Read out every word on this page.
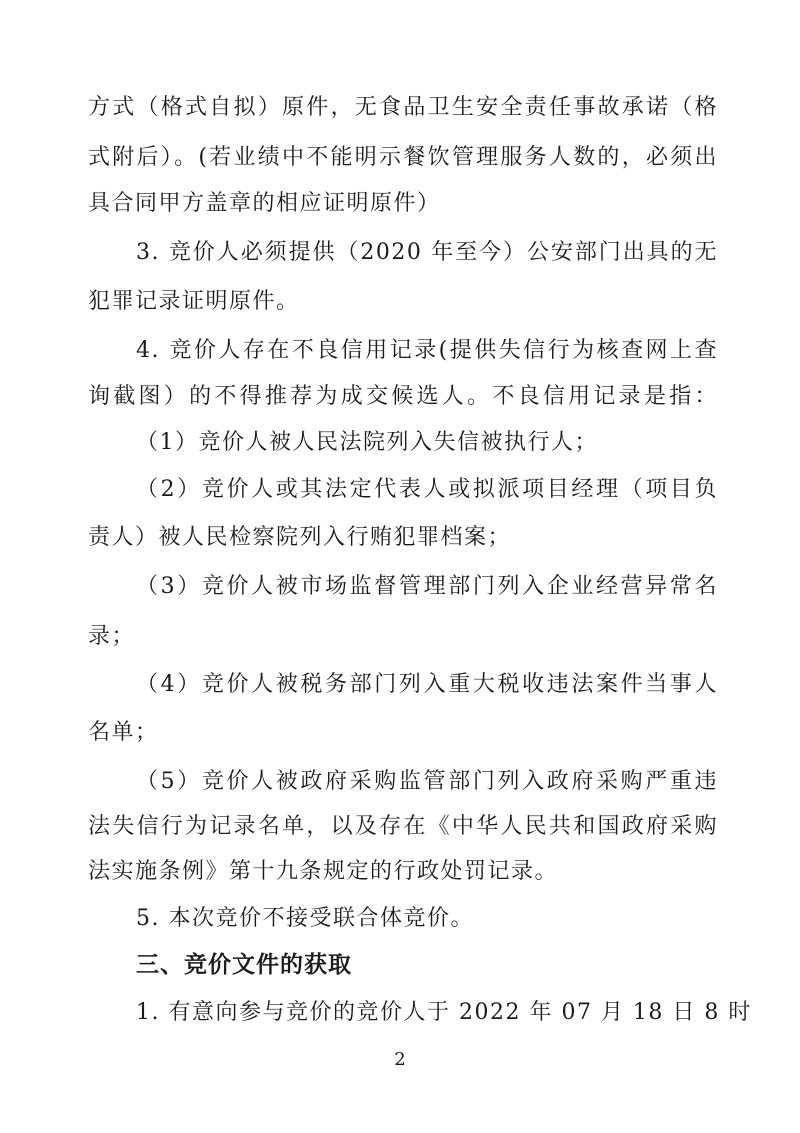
方式（格式自拟）原件，无食品卫生安全责任事故承诺（格
式附后）。(若业绩中不能明示餐饮管理服务人数的，必须出
具合同甲方盖章的相应证明原件）
3. 竞价人必须提供（2020 年至今）公安部门出具的无
犯罪记录证明原件。
4. 竞价人存在不良信用记录(提供失信行为核查网上查
询截图）的不得推荐为成交候选人。不良信用记录是指：
（1）竞价人被人民法院列入失信被执行人；
（2）竞价人或其法定代表人或拟派项目经理（项目负
责人）被人民检察院列入行贿犯罪档案；
（3）竞价人被市场监督管理部门列入企业经营异常名
录；
（4）竞价人被税务部门列入重大税收违法案件当事人
名单；
（5）竞价人被政府采购监管部门列入政府采购严重违
法失信行为记录名单，以及存在《中华人民共和国政府采购
法实施条例》第十九条规定的行政处罚记录。
5. 本次竞价不接受联合体竞价。
三、竞价文件的获取
1. 有意向参与竞价的竞价人于 2022 年 07 月 18 日 8 时
2
